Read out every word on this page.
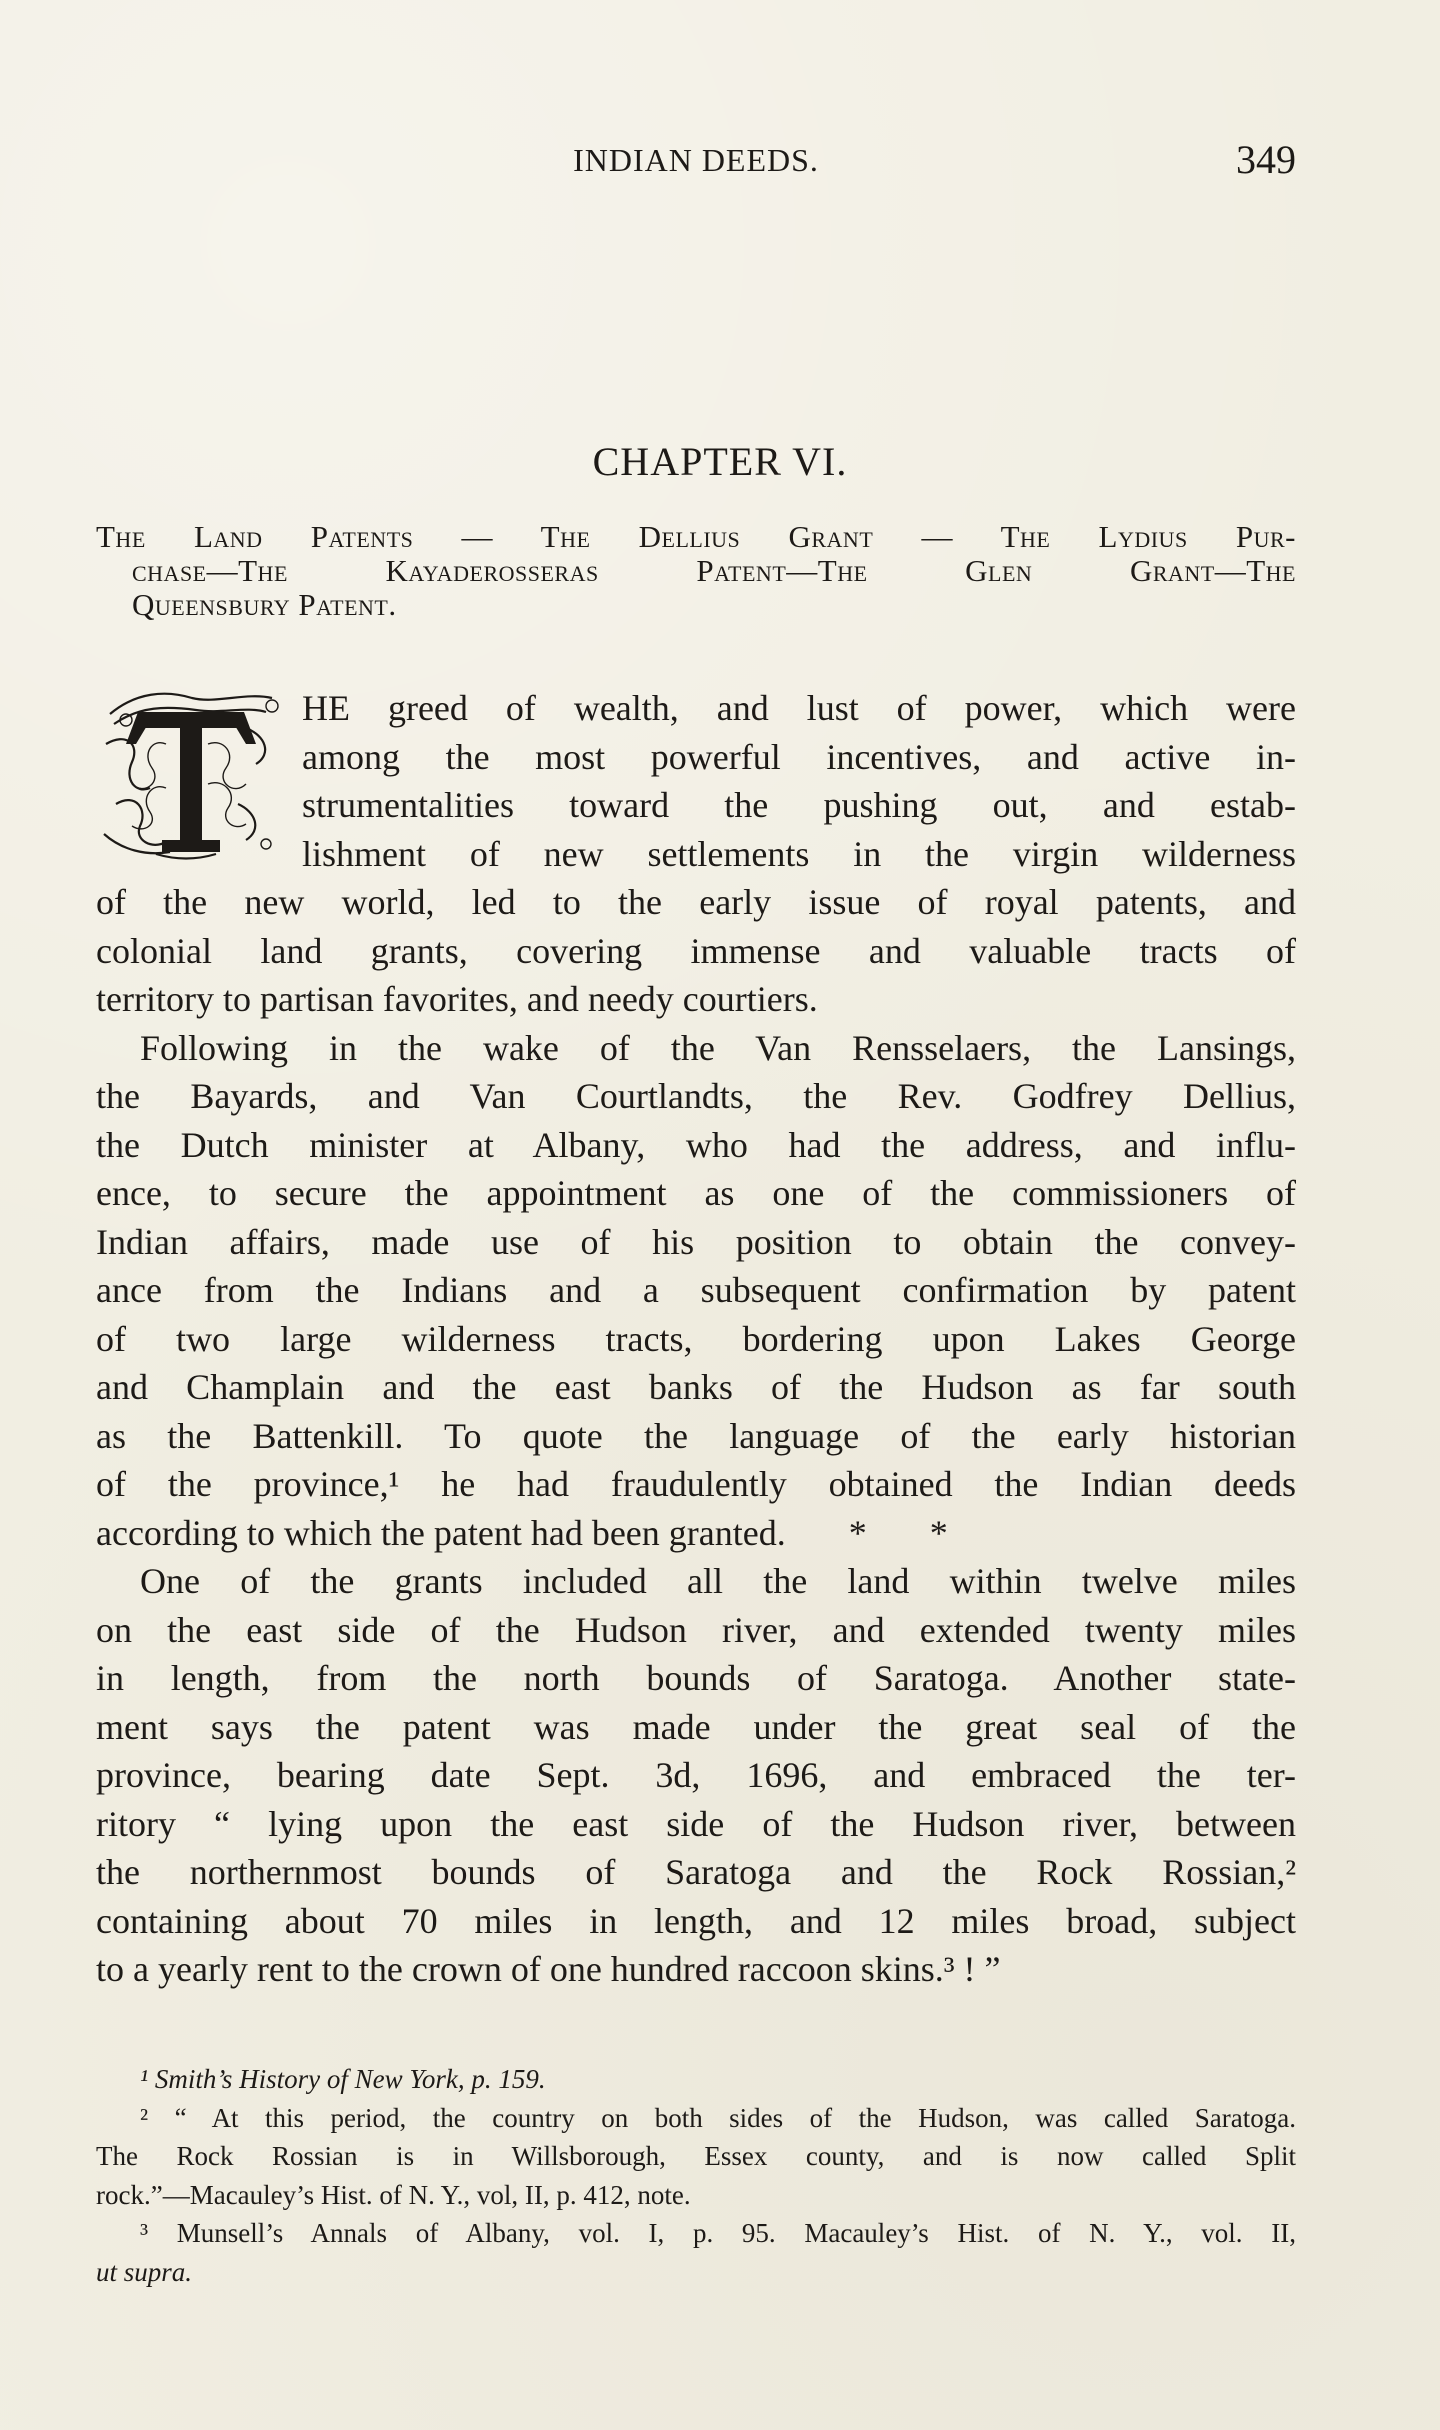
INDIAN DEEDS.	349
CHAPTER VI.
The Land Patents — The Dellius Grant — The Lydius Pur-
chase—The Kayaderosseras Patent—The Glen Grant—The
Queensbury Patent.
HE greed of wealth, and lust of power, which were
among the most powerful incentives, and active in-
strumentalities toward the pushing out, and estab-
lishment of new settlements in the virgin wilderness
of the new world, led to the early issue of royal patents, and
colonial land grants, covering immense and valuable tracts of
territory to partisan favorites, and needy courtiers.
Following in the wake of the Van Rensselaers, the Lansings,
the Bayards, and Van Courtlandts, the Rev. Godfrey Dellius,
the Dutch minister at Albany, who had the address, and influ-
ence, to secure the appointment as one of the commissioners of
Indian affairs, made use of his position to obtain the convey-
ance from the Indians and a subsequent confirmation by patent
of two large wilderness tracts, bordering upon Lakes George
and Champlain and the east banks of the Hudson as far south
as the Battenkill. To quote the language of the early historian
of the province,¹ he had fraudulently obtained the Indian deeds
according to which the patent had been granted.       *       *
One of the grants included all the land within twelve miles
on the east side of the Hudson river, and extended twenty miles
in length, from the north bounds of Saratoga. Another state-
ment says the patent was made under the great seal of the
province, bearing date Sept. 3d, 1696, and embraced the ter-
ritory “ lying upon the east side of the Hudson river, between
the northernmost bounds of Saratoga and the Rock Rossian,²
containing about 70 miles in length, and 12 miles broad, subject
to a yearly rent to the crown of one hundred raccoon skins.³ ! ”
¹ Smith’s History of New York, p. 159.
² “ At this period, the country on both sides of the Hudson, was called Saratoga.
The Rock Rossian is in Willsborough, Essex county, and is now called Split
rock.”—Macauley’s Hist. of N. Y., vol, II, p. 412, note.
³ Munsell’s Annals of Albany, vol. I, p. 95. Macauley’s Hist. of N. Y., vol. II,
ut supra.
